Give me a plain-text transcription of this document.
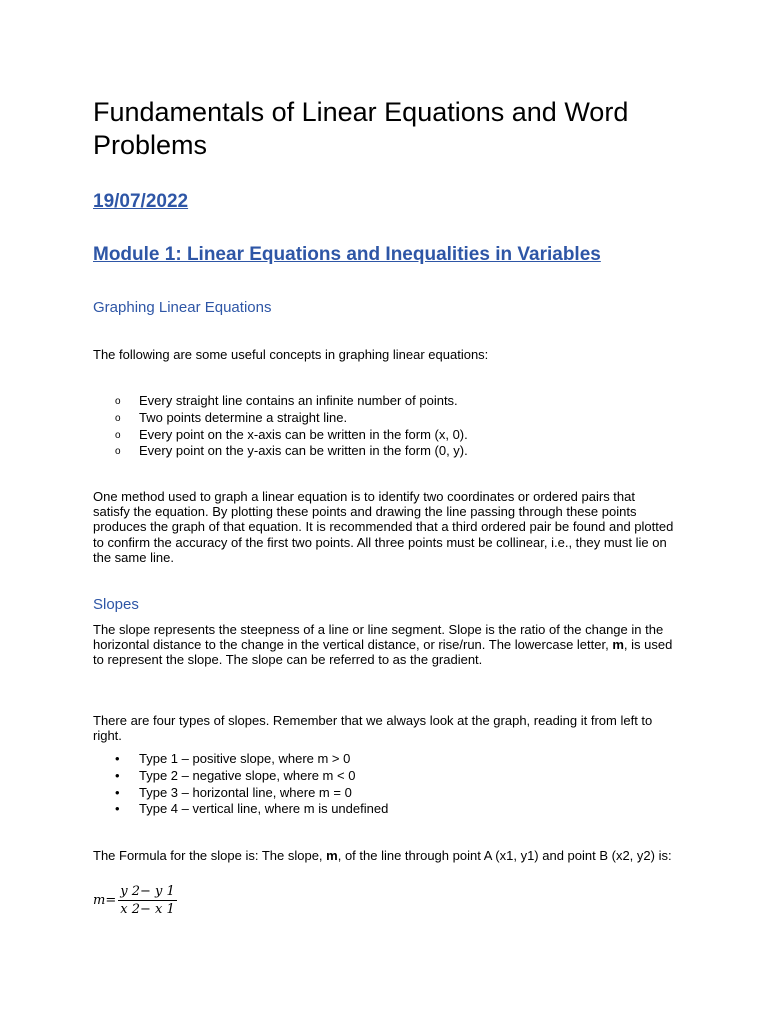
Fundamentals of Linear Equations and Word Problems
19/07/2022
Module 1: Linear Equations and Inequalities in Variables
Graphing Linear Equations

The following are some useful concepts in graphing linear equations:

o Every straight line contains an infinite number of points.
o Two points determine a straight line.
o Every point on the x-axis can be written in the form (x, 0).
o Every point on the y-axis can be written in the form (0, y).

One method used to graph a linear equation is to identify two coordinates or ordered pairs that satisfy the equation. By plotting these points and drawing the line passing through these points produces the graph of that equation. It is recommended that a third ordered pair be found and plotted to confirm the accuracy of the first two points. All three points must be collinear, i.e., they must lie on the same line.

Slopes

The slope represents the steepness of a line or line segment. Slope is the ratio of the change in the horizontal distance to the change in the vertical distance, or rise/run. The lowercase letter, m, is used to represent the slope. The slope can be referred to as the gradient.

There are four types of slopes. Remember that we always look at the graph, reading it from left to right.

• Type 1 – positive slope, where m > 0
• Type 2 – negative slope, where m < 0
• Type 3 – horizontal line, where m = 0
• Type 4 – vertical line, where m is undefined

The Formula for the slope is: The slope, m, of the line through point A (x1, y1) and point B (x2, y2) is:

$m= \frac{y 2- y 1}{x 2- x 1}$
